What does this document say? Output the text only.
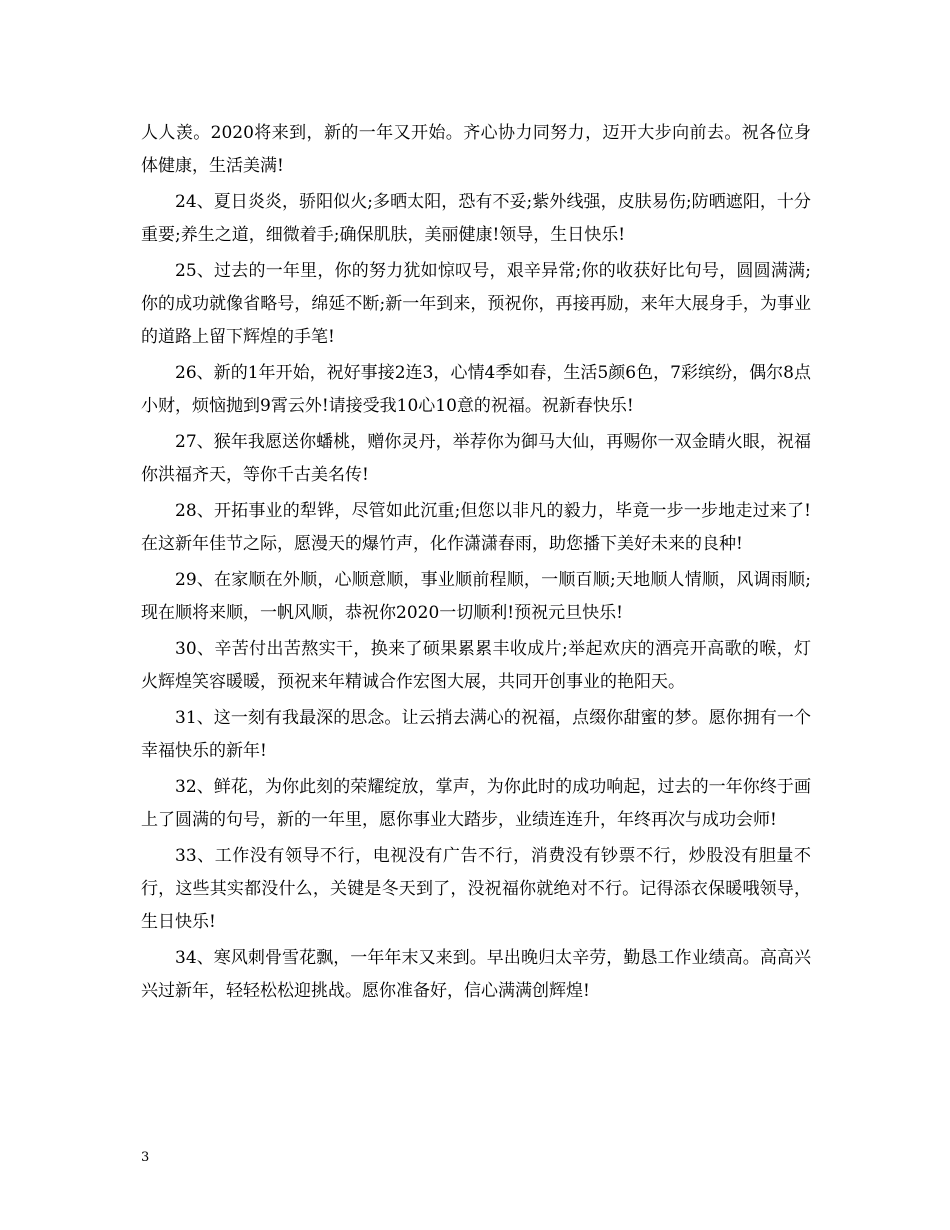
人人羡。2020将来到，新的一年又开始。齐心协力同努力，迈开大步向前去。祝各位身体健康，生活美满!

24、夏日炎炎，骄阳似火;多晒太阳，恐有不妥;紫外线强，皮肤易伤;防晒遮阳，十分重要;养生之道，细微着手;确保肌肤，美丽健康!领导，生日快乐!

25、过去的一年里，你的努力犹如惊叹号，艰辛异常;你的收获好比句号，圆圆满满;你的成功就像省略号，绵延不断;新一年到来，预祝你，再接再励，来年大展身手，为事业的道路上留下辉煌的手笔!

26、新的1年开始，祝好事接2连3，心情4季如春，生活5颜6色，7彩缤纷，偶尔8点小财，烦恼抛到9霄云外!请接受我10心10意的祝福。祝新春快乐!

27、猴年我愿送你蟠桃，赠你灵丹，举荐你为御马大仙，再赐你一双金睛火眼，祝福你洪福齐天，等你千古美名传!

28、开拓事业的犁铧，尽管如此沉重;但您以非凡的毅力，毕竟一步一步地走过来了!在这新年佳节之际，愿漫天的爆竹声，化作潇潇春雨，助您播下美好未来的良种!

29、在家顺在外顺，心顺意顺，事业顺前程顺，一顺百顺;天地顺人情顺，风调雨顺;现在顺将来顺，一帆风顺，恭祝你2020一切顺利!预祝元旦快乐!

30、辛苦付出苦熬实干，换来了硕果累累丰收成片;举起欢庆的酒亮开高歌的喉，灯火辉煌笑容暖暖，预祝来年精诚合作宏图大展，共同开创事业的艳阳天。

31、这一刻有我最深的思念。让云捎去满心的祝福，点缀你甜蜜的梦。愿你拥有一个幸福快乐的新年!

32、鲜花，为你此刻的荣耀绽放，掌声，为你此时的成功响起，过去的一年你终于画上了圆满的句号，新的一年里，愿你事业大踏步，业绩连连升，年终再次与成功会师!

33、工作没有领导不行，电视没有广告不行，消费没有钞票不行，炒股没有胆量不行，这些其实都没什么，关键是冬天到了，没祝福你就绝对不行。记得添衣保暖哦领导，生日快乐!

34、寒风刺骨雪花飘，一年年末又来到。早出晚归太辛劳，勤恳工作业绩高。高高兴兴过新年，轻轻松松迎挑战。愿你准备好，信心满满创辉煌!

3
